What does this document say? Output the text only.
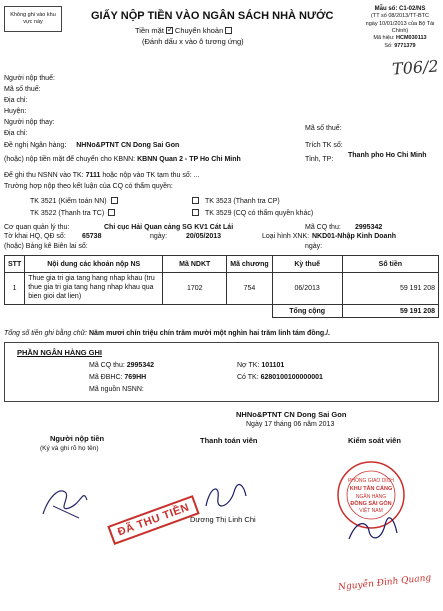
Không ghi vào khu vực này
GIẤY NỘP TIỀN VÀO NGÂN SÁCH NHÀ NƯỚC
Tiền mặt ✓ Chuyển khoản
(Đánh dấu x vào ô tương ứng)
Mẫu số: C1-02/NS
(TT số 08/2013/TT-BTC
ngày 10/01/2013 của Bộ Tài
Chính)
Mã hiệu: HCM030113
Số: 9771379
T06/2
Người nộp thuế:
Mã số thuế:
Địa chỉ:
Huyện:
Người nộp thay:
Địa chỉ:
Mã số thuế:
Đề nghị Ngân hàng: NHNo&PTNT CN Dong Sai Gon	Trích TK số:
(hoặc) nộp tiền mặt để chuyển cho KBNN: KBNN Quan 2 - TP Ho Chi Minh	Tỉnh, TP:
Thanh pho Ho Chi Minh
Để ghi thu NSNN vào TK: 7111 hoặc nộp vào TK tạm thu số: ...
Trường hợp nộp theo kết luận của CQ có thẩm quyền:
TK 3521 (Kiểm toán NN)	TK 3523 (Thanh tra CP)
TK 3522 (Thanh tra TC)	TK 3529 (CQ có thẩm quyền khác)
Cơ quan quản lý thu:	Chi cục Hải Quan cảng SG KV1 Cát Lái	Mã CQ thu: 2995342
Tờ khai HQ, QĐ số: 65738	ngày:	20/05/2013	Loại hình XNK: NKD01-Nhập Kinh Doanh
(hoặc) Bảng kê Biên lai số:	ngày:
STT	Nội dung các khoản nộp NS	Mã NDKT	Mã chương	Kỳ thuế	Số tiền
1	Thue gia tri gia tang hang nhap khau (tru thue gia tri gia tang hang nhap khau qua bien gioi dat lien)	1702	754	06/2013	59 191 208
				Tổng cộng	59 191 208
Tổng số tiền ghi bằng chữ: Năm mươi chín triệu chín trăm mười một nghìn hai trăm linh tám đồng./.
PHẦN NGÂN HÀNG GHI
Mã CQ thu: 2995342
Mã ĐBHC: 769HH
Mã nguồn NSNN:
Nợ TK: 101101
Có TK: 6280100100000001
NHNo&PTNT CN Dong Sai Gon
Ngày 17 tháng 06 năm 2013
Người nộp tiền
(Ký và ghi rõ họ tên)
Thanh toán viên	Kiểm soát viên
Dương Thị Linh Chi
ĐÃ THU TIỀN
PHÒNG GIAO DỊCH
KHU TÂN CẢNG
NGÂN HÀNG
ĐỒNG SÀI GÒN
VIỆT NAM
Nguyễn Đình Quang
